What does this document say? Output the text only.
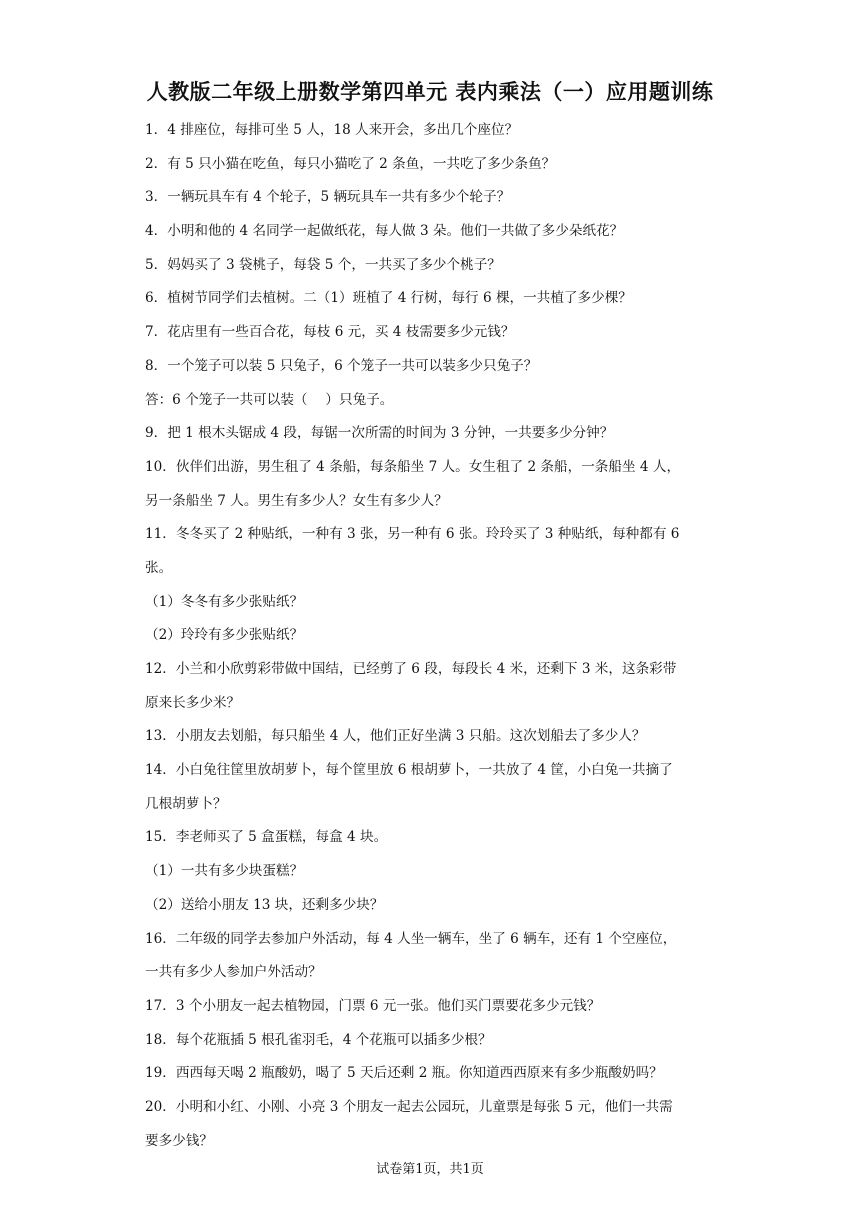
人教版二年级上册数学第四单元 表内乘法（一）应用题训练
1．4 排座位，每排可坐 5 人，18 人来开会，多出几个座位？
2．有 5 只小猫在吃鱼，每只小猫吃了 2 条鱼，一共吃了多少条鱼？
3．一辆玩具车有 4 个轮子，5 辆玩具车一共有多少个轮子？
4．小明和他的 4 名同学一起做纸花，每人做 3 朵。他们一共做了多少朵纸花？
5．妈妈买了 3 袋桃子，每袋 5 个，一共买了多少个桃子？
6．植树节同学们去植树。二（1）班植了 4 行树，每行 6 棵，一共植了多少棵？
7．花店里有一些百合花，每枝 6 元，买 4 枝需要多少元钱？
8．一个笼子可以装 5 只兔子，6 个笼子一共可以装多少只兔子？
答：6 个笼子一共可以装（　 ）只兔子。
9．把 1 根木头锯成 4 段，每锯一次所需的时间为 3 分钟，一共要多少分钟？
10．伙伴们出游，男生租了 4 条船，每条船坐 7 人。女生租了 2 条船，一条船坐 4 人，
另一条船坐 7 人。男生有多少人？女生有多少人？
11．冬冬买了 2 种贴纸，一种有 3 张，另一种有 6 张。玲玲买了 3 种贴纸，每种都有 6
张。
（1）冬冬有多少张贴纸？
（2）玲玲有多少张贴纸？
12．小兰和小欣剪彩带做中国结，已经剪了 6 段，每段长 4 米，还剩下 3 米，这条彩带
原来长多少米？
13．小朋友去划船，每只船坐 4 人，他们正好坐满 3 只船。这次划船去了多少人？
14．小白兔往筐里放胡萝卜，每个筐里放 6 根胡萝卜，一共放了 4 筐，小白兔一共摘了
几根胡萝卜？
15．李老师买了 5 盒蛋糕，每盒 4 块。
（1）一共有多少块蛋糕？
（2）送给小朋友 13 块，还剩多少块？
16．二年级的同学去参加户外活动，每 4 人坐一辆车，坐了 6 辆车，还有 1 个空座位，
一共有多少人参加户外活动？
17．3 个小朋友一起去植物园，门票 6 元一张。他们买门票要花多少元钱？
18．每个花瓶插 5 根孔雀羽毛，4 个花瓶可以插多少根？
19．西西每天喝 2 瓶酸奶，喝了 5 天后还剩 2 瓶。你知道西西原来有多少瓶酸奶吗？
20．小明和小红、小刚、小亮 3 个朋友一起去公园玩，儿童票是每张 5 元，他们一共需
要多少钱？
试卷第1页，共1页
